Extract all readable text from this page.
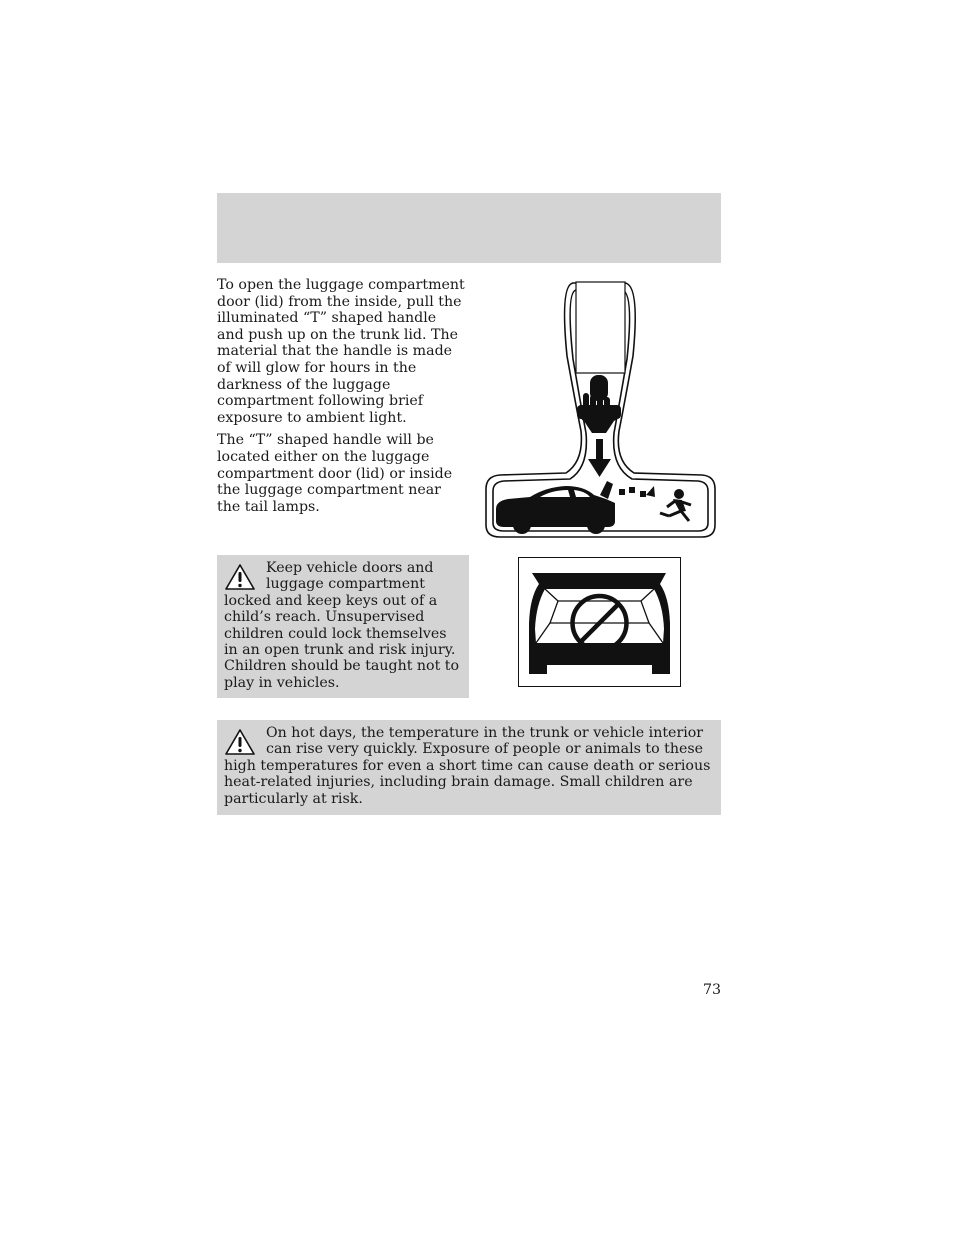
To open the luggage compartment door (lid) from the inside, pull the illuminated “T” shaped handle and push up on the trunk lid. The material that the handle is made of will glow for hours in the darkness of the luggage compartment following brief exposure to ambient light.

The “T” shaped handle will be located either on the luggage compartment door (lid) or inside the luggage compartment near the tail lamps.

Keep vehicle doors and luggage compartment locked and keep keys out of a child’s reach. Unsupervised children could lock themselves in an open trunk and risk injury. Children should be taught not to play in vehicles.
On hot days, the temperature in the trunk or vehicle interior can rise very quickly. Exposure of people or animals to these high temperatures for even a short time can cause death or serious heat-related injuries, including brain damage. Small children are particularly at risk.
73
